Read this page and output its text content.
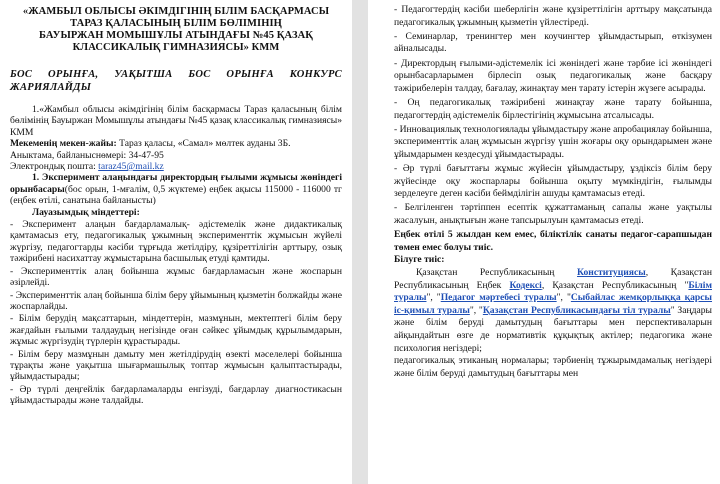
«ЖАМБЫЛ ОБЛЫСЫ ӘКІМДІГІНІҢ БІЛІМ БАСҚАРМАСЫ
ТАРАЗ ҚАЛАСЫНЫҢ БІЛІМ БӨЛІМІНІҢ
БАУЫРЖАН МОМЫШҰЛЫ АТЫНДАҒЫ №45 ҚАЗАҚ
КЛАССИКАЛЫҚ ГИМНАЗИЯСЫ» КММ
БОС ОРЫНҒА, УАҚЫТША БОС ОРЫНҒА КОНКУРС ЖАРИЯЛАЙДЫ

1.«Жамбыл облысы әкімдігінің білім басқармасы Тараз қаласының білім бөлімінің Бауыржан Момышұлы атындағы №45 қазақ классикалық гимназиясы» КММ

Мекеменің мекен-жайы: Тараз қаласы, «Самал» мөлтек ауданы 3Б.

Аныктама, байланыснөмері: 34-47-95

Электрондық пошта: taraz45@mail.kz

1. Эксперимент алаңындағы директордың ғылыми жұмысы жөніндегі орынбасары(бос орын, 1-мғалім, 0,5 жүктеме) еңбек ақысы 115000 - 116000 тг (еңбек өтілі, санатына байланысты)

Лауазымдық міндеттері:

- Эксперимент алаңын бағдарламалық- әдістемелік және дидактикалық қамтамасыз ету, педагогикалық ұжымның эксперименттік жұмысын жүйелі жүргізу, педагогтарды кәсіби тұрғыда жетілдіру, құзіреттілігін арттыру, озық тәжірибені насихаттау жұмыстарына басшылық етуді қамтиды.

- Эксперименттік алаң бойынша жұмыс бағдарламасын және жоспарын әзірлейді.

- Эксперименттік алаң бойынша білім беру ұйымының қызметін болжайды және жоспарлайды.

- Білім берудің мақсаттарын, міндеттерін, мазмұнын, мектептегі білім беру жағдайын ғылыми талдаудың негізінде оған сәйкес ұйымдық құрылымдарын, жұмыс жүргізудің түрлерін құрастырады.

- Білім беру мазмұнын дамыту мен жетілдірудің өзекті мәселелері бойынша тұрақты және уақытша шығармашылық топтар жұмысын қалыптастырады, ұйымдастырады;

- Әр түрлі деңгейлік бағдарламаларды енгізуді, бағдарлау диагностикасын ұйымдастырады және талдайды.

- Педагогтердің кәсіби шеберлігін және құзіреттілігін арттыру мақсатында педагогикалық ұжымның қызметін үйлестіреді.

- Семинарлар, тренингтер мен коучингтер ұйымдастырып, өткізумен айналысады.

- Директордың ғылыми-әдістемелік ісі жөніндегі және тәрбие ісі жөніндегі орынбасарларымен бірлесіп озық педагогикалық және басқару тәжірибелерін талдау, бағалау, жинақтау мен тарату істерін жүзеге асырады.

- Оң педагогикалық тәжірибені жинақтау және тарату бойынша, педагогтердің әдістемелік бірлестігінің жұмысына атсалысады.

- Инновациялық технологиялады ұйымдастыру және апробациялау бойынша, эксперименттік алаң жұмысын жүргізу үшін жоғары оқу орындарымен және ұйымдарымен кездесуді ұйымдастырады.

- Әр түрлі бағыттағы жұмыс жүйесін ұйымдастыру, ұздіксіз білім беру жүйесінде оқу жоспарлары бойынша оқыту мүмкіндігін, ғылымды зерделеуге деген кәсіби беймділігін ашуды қамтамасыз етеді.

- Белгіленген тәртіппен есептік құжаттаманың сапалы және уақтылы жасалуын, анықтығын және тапсырылуын қамтамасыз етеді.

Еңбек өтілі 5 жылдан кем емес, біліктілік санаты педагог-сарапшыдан төмен емес болуы тиіс.

Білуге тиіс:

Қазақстан Республикасының Конституциясы, Қазақстан Республикасының Еңбек Кодексі, Қазақстан Республикасының "Білім туралы", "Педагог мәртебесі туралы", "Сыбайлас жемқорлыққа қарсы іс-қимыл туралы", "Қазақстан Республикасындағы тіл туралы" Заңдары және білім беруді дамытудың бағыттары мен перспективаларын айқындайтын өзге де нормативтік құқықтық актілер; педагогика және психология негіздері;

педагогикалық этиканың нормалары; тәрбиенің тұжырымдамалық негіздері және білім беруді дамытудың бағыттары мен
